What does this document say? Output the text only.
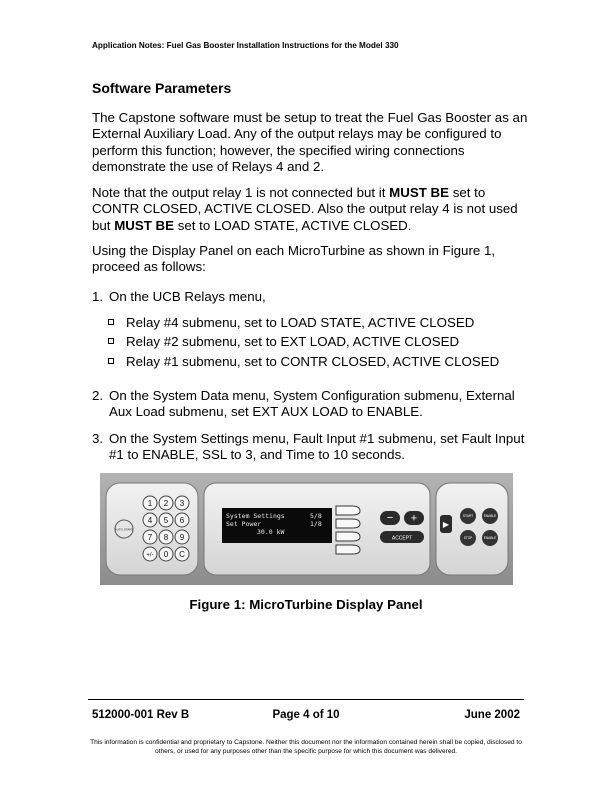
Application Notes: Fuel Gas Booster Installation Instructions for the Model 330
Software Parameters
The Capstone software must be setup to treat the Fuel Gas Booster as an External Auxiliary Load. Any of the output relays may be configured to perform this function; however, the specified wiring connections demonstrate the use of Relays 4 and 2.
Note that the output relay 1 is not connected but it MUST BE set to CONTR CLOSED, ACTIVE CLOSED. Also the output relay 4 is not used but MUST BE set to LOAD STATE, ACTIVE CLOSED.
Using the Display Panel on each MicroTurbine as shown in Figure 1, proceed as follows:
1. On the UCB Relays menu,
Relay #4 submenu, set to LOAD STATE, ACTIVE CLOSED
Relay #2 submenu, set to EXT LOAD, ACTIVE CLOSED
Relay #1 submenu, set to CONTR CLOSED, ACTIVE CLOSED
2. On the System Data menu, System Configuration submenu, External Aux Load submenu, set EXT AUX LOAD to ENABLE.
3. On the System Settings menu, Fault Input #1 submenu, set Fault Input #1 to ENABLE, SSL to 3, and Time to 10 seconds.
AUTO START
1 2 3
4 5 6
7 8 9
+/- 0 C
System Settings	5/8
Set Power	1/8
30.0 kW
− +
ACCEPT
▶
START	ENABLE
STOP	ENABLE
Figure 1: MicroTurbine Display Panel
512000-001 Rev B	Page 4 of 10	June 2002
This information is confidential and proprietary to Capstone. Neither this document nor the information contained herein shall be copied, disclosed to others, or used for any purposes other than the specific purpose for which this document was delivered.
